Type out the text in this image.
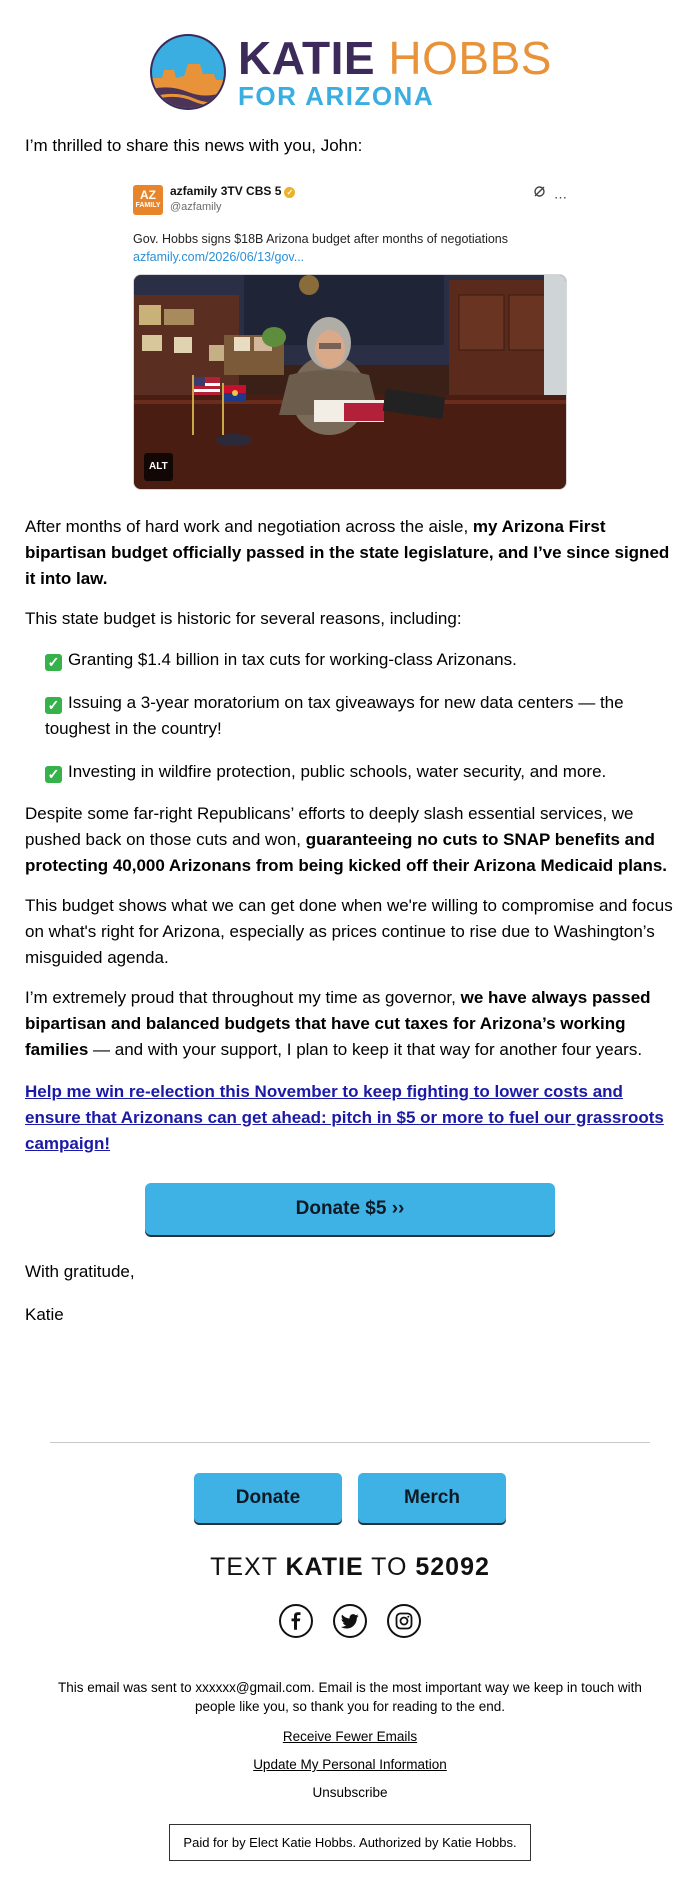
KATIE HOBBS
FOR ARIZONA

I’m thrilled to share this news with you, John:

AZ
FAMILY
azfamily 3TV CBS 5 ✓
@azfamily
⋯
Gov. Hobbs signs $18B Arizona budget after months of negotiations
azfamily.com/2026/06/13/gov...
ALT

After months of hard work and negotiation across the aisle, my Arizona First bipartisan budget officially passed in the state legislature, and I’ve since signed it into law.

This state budget is historic for several reasons, including:

✓ Granting $1.4 billion in tax cuts for working-class Arizonans.

✓ Issuing a 3-year moratorium on tax giveaways for new data centers — the toughest in the country!

✓ Investing in wildfire protection, public schools, water security, and more.

Despite some far-right Republicans’ efforts to deeply slash essential services, we pushed back on those cuts and won, guaranteeing no cuts to SNAP benefits and protecting 40,000 Arizonans from being kicked off their Arizona Medicaid plans.

This budget shows what we can get done when we're willing to compromise and focus on what's right for Arizona, especially as prices continue to rise due to Washington’s misguided agenda.

I’m extremely proud that throughout my time as governor, we have always passed bipartisan and balanced budgets that have cut taxes for Arizona’s working families — and with your support, I plan to keep it that way for another four years.

Help me win re-election this November to keep fighting to lower costs and ensure that Arizonans can get ahead: pitch in $5 or more to fuel our grassroots campaign!
Donate $5 ››

With gratitude,

Katie

Donate	Merch
TEXT KATIE TO 52092

This email was sent to xxxxxx@gmail.com. Email is the most important way we keep in touch with people like you, so thank you for reading to the end.

Receive Fewer Emails

Update My Personal Information

Unsubscribe

Paid for by Elect Katie Hobbs. Authorized by Katie Hobbs.
